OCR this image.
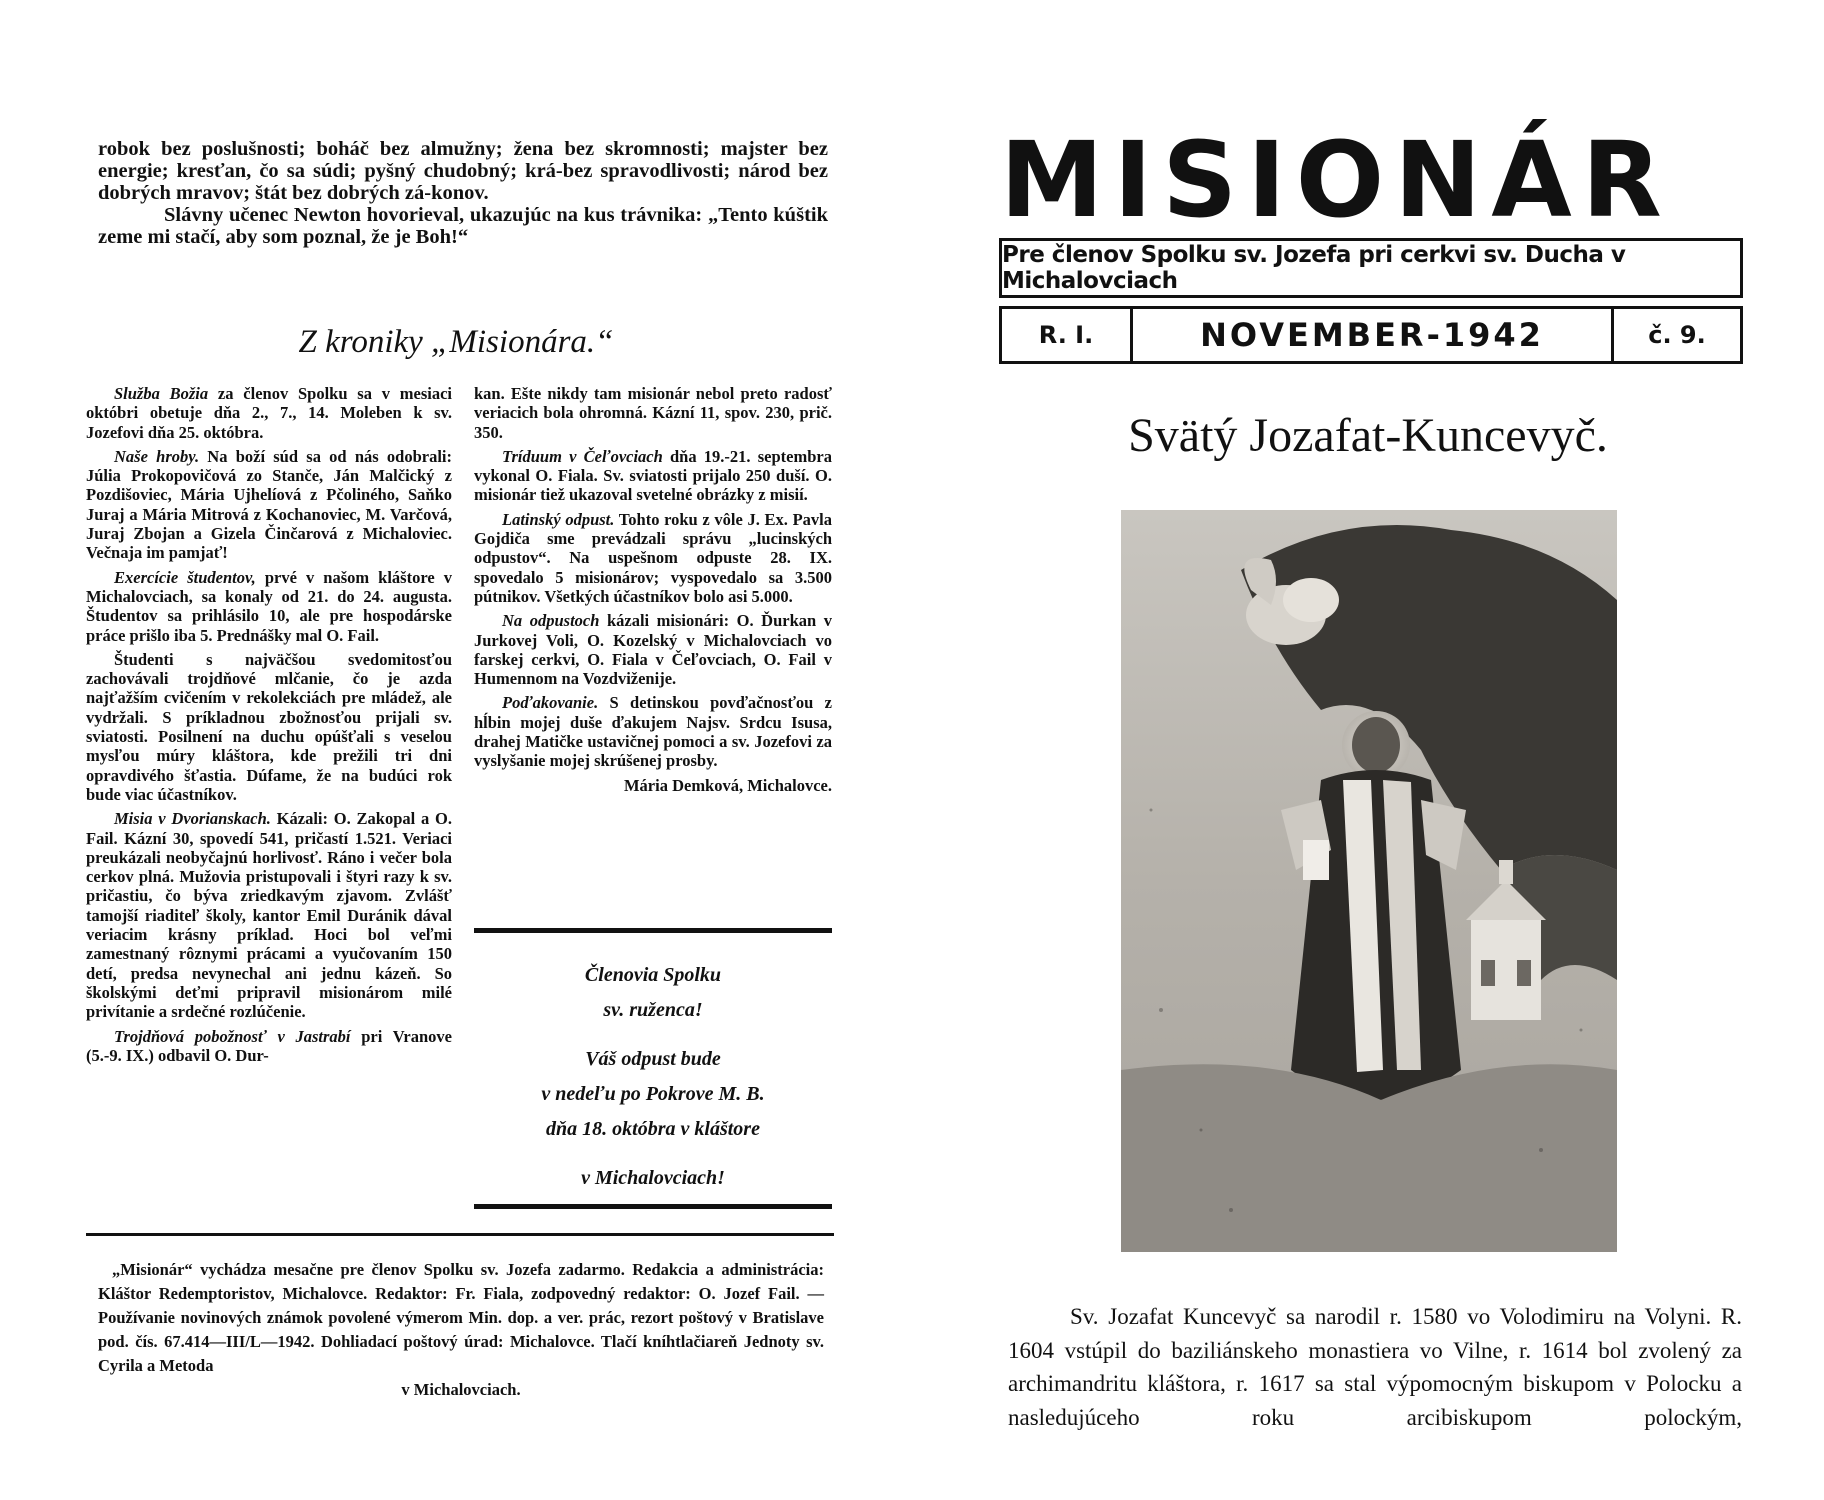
robok bez poslušnosti; boháč bez almužny; žena bez skromnosti; majster bez energie; kresťan, čo sa súdi; pyšný chudobný; krá-bez spravodlivosti; národ bez dobrých mravov; štát bez dobrých zá-konov.

Slávny učenec Newton hovorieval, ukazujúc na kus trávnika: „Tento kúštik zeme mi stačí, aby som poznal, že je Boh!“

Z kroniky „Misionára.“

Služba Božia za členov Spolku sa v mesiaci októbri obetuje dňa 2., 7., 14. Moleben k sv. Jozefovi dňa 25. októbra.

Naše hroby. Na boží súd sa od nás odobrali: Júlia Prokopovičová zo Stanče, Ján Malčický z Pozdišoviec, Mária Ujhelíová z Pčoliného, Saňko Juraj a Mária Mitrová z Kochanoviec, M. Varčová, Juraj Zbojan a Gizela Činčarová z Michaloviec. Večnaja im pamjať!

Exercície študentov, prvé v našom kláštore v Michalovciach, sa konaly od 21. do 24. augusta. Študentov sa prihlásilo 10, ale pre hospodárske práce prišlo iba 5. Prednášky mal O. Fail.

Študenti s najväčšou svedomitosťou zachovávali trojdňové mlčanie, čo je azda najťažším cvičením v rekolekciách pre mládež, ale vydržali. S príkladnou zbožnosťou prijali sv. sviatosti. Posilnení na duchu opúšťali s veselou mysľou múry kláštora, kde prežili tri dni opravdivého šťastia. Dúfame, že na budúci rok bude viac účastníkov.

Misia v Dvorianskach. Kázali: O. Zakopal a O. Fail. Kázní 30, spovedí 541, pričastí 1.521. Veriaci preukázali neobyčajnú horlivosť. Ráno i večer bola cerkov plná. Mužovia pristupovali i štyri razy k sv. pričastiu, čo býva zriedkavým zjavom. Zvlášť tamojší riaditeľ školy, kantor Emil Duránik dával veriacim krásny príklad. Hoci bol veľmi zamestnaný rôznymi prácami a vyučovaním 150 detí, predsa nevynechal ani jednu kázeň. So školskými deťmi pripravil misionárom milé privítanie a srdečné rozlúčenie.

Trojdňová pobožnosť v Jastrabí pri Vranove (5.-9. IX.) odbavil O. Dur-

kan. Ešte nikdy tam misionár nebol preto radosť veriacich bola ohromná. Kázní 11, spov. 230, prič. 350.

Tríduum v Čeľovciach dňa 19.-21. septembra vykonal O. Fiala. Sv. sviatosti prijalo 250 duší. O. misionár tiež ukazoval svetelné obrázky z misií.

Latinský odpust. Tohto roku z vôle J. Ex. Pavla Gojdiča sme prevádzali správu „lucinských odpustov“. Na uspešnom odpuste 28. IX. spovedalo 5 misionárov; vyspovedalo sa 3.500 pútnikov. Všetkých účastníkov bolo asi 5.000.

Na odpustoch kázali misionári: O. Ďurkan v Jurkovej Voli, O. Kozelský v Michalovciach vo farskej cerkvi, O. Fiala v Čeľovciach, O. Fail v Humennom na Vozdviženije.

Poďakovanie. S detinskou povďačnosťou z hĺbin mojej duše ďakujem Najsv. Srdcu Isusa, drahej Matičke ustavičnej pomoci a sv. Jozefovi za vyslyšanie mojej skrúšenej prosby.

Mária Demková, Michalovce.

Členovia Spolku

sv. ruženca!

Váš odpust bude

v nedeľu po Pokrove M. B.

dňa 18. októbra v kláštore

v Michalovciach!

„Misionár“ vychádza mesačne pre členov Spolku sv. Jozefa zadarmo. Redakcia a administrácia: Kláštor Redemptoristov, Michalovce. Redaktor: Fr. Fiala, zodpovedný redaktor: O. Jozef Fail. — Používanie novinových známok povolené výmerom Min. dop. a ver. prác, rezort poštový v Bratislave pod. čís. 67.414—III/L—1942. Dohliadací poštový úrad: Michalovce. Tlačí kníhtlačiareň Jednoty sv. Cyrila a Metoda

v Michalovciach.

MISIONÁR
Pre členov Spolku sv. Jozefa pri cerkvi sv. Ducha v Michalovciach
R. I.	NOVEMBER-1942	č. 9.
Svätý Jozafat-Kuncevyč.

Sv. Jozafat Kuncevyč sa narodil r. 1580 vo Volodimiru na Volyni. R. 1604 vstúpil do baziliánskeho monastiera vo Vilne, r. 1614 bol zvolený za archimandritu kláštora, r. 1617 sa stal výpomocným biskupom v Polocku a nasledujúceho roku arcibiskupom polockým,
